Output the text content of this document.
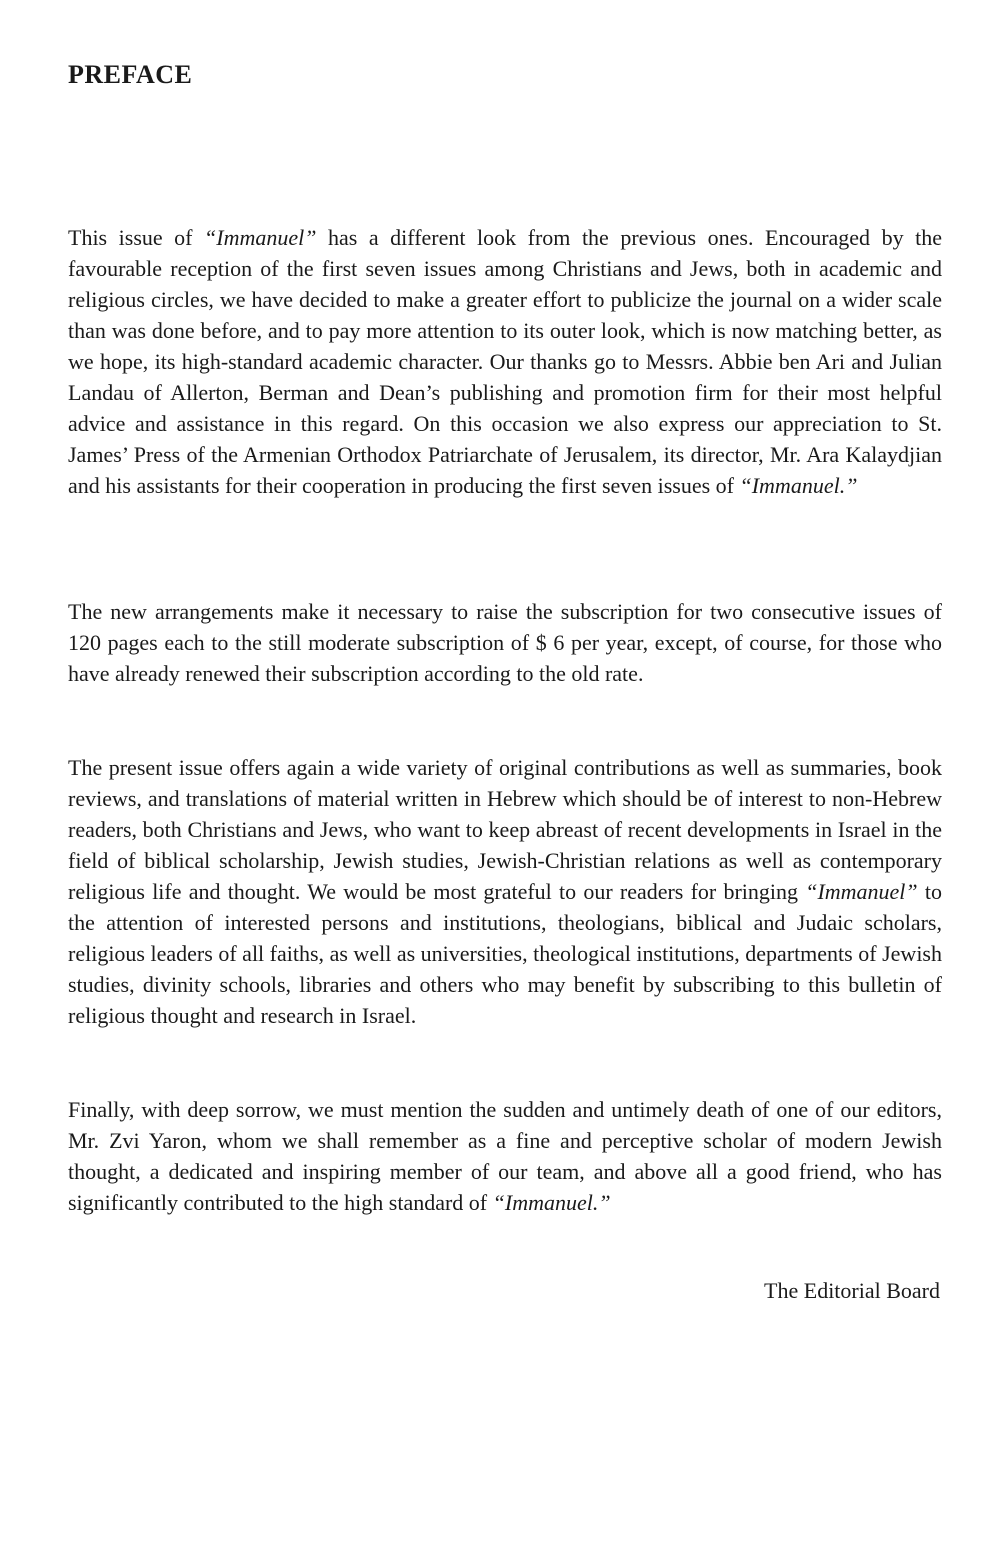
PREFACE

This issue of “Immanuel” has a different look from the previous ones. Encouraged by the favourable reception of the first seven issues among Christians and Jews, both in academic and religious circles, we have decided to make a greater effort to publicize the journal on a wider scale than was done before, and to pay more attention to its outer look, which is now matching better, as we hope, its high-standard academic character. Our thanks go to Messrs. Abbie ben Ari and Julian Landau of Allerton, Berman and Dean’s publishing and promotion firm for their most helpful advice and assistance in this regard. On this occasion we also express our appreciation to St. James’ Press of the Armenian Orthodox Patriarchate of Jerusalem, its director, Mr. Ara Kalaydjian and his assistants for their cooperation in producing the first seven issues of “Immanuel.”

The new arrangements make it necessary to raise the subscription for two consecutive issues of 120 pages each to the still moderate subscription of $ 6 per year, except, of course, for those who have already renewed their subscription according to the old rate.

The present issue offers again a wide variety of original contributions as well as summaries, book reviews, and translations of material written in Hebrew which should be of interest to non-Hebrew readers, both Christians and Jews, who want to keep abreast of recent developments in Israel in the field of biblical scholarship, Jewish studies, Jewish-Christian relations as well as contemporary religious life and thought. We would be most grateful to our readers for bringing “Immanuel” to the attention of interested persons and institutions, theologians, biblical and Judaic scholars, religious leaders of all faiths, as well as universities, theological institutions, departments of Jewish studies, divinity schools, libraries and others who may benefit by subscribing to this bulletin of religious thought and research in Israel.

Finally, with deep sorrow, we must mention the sudden and untimely death of one of our editors, Mr. Zvi Yaron, whom we shall remember as a fine and perceptive scholar of modern Jewish thought, a dedicated and inspiring member of our team, and above all a good friend, who has significantly contributed to the high standard of “Immanuel.”

The Editorial Board
